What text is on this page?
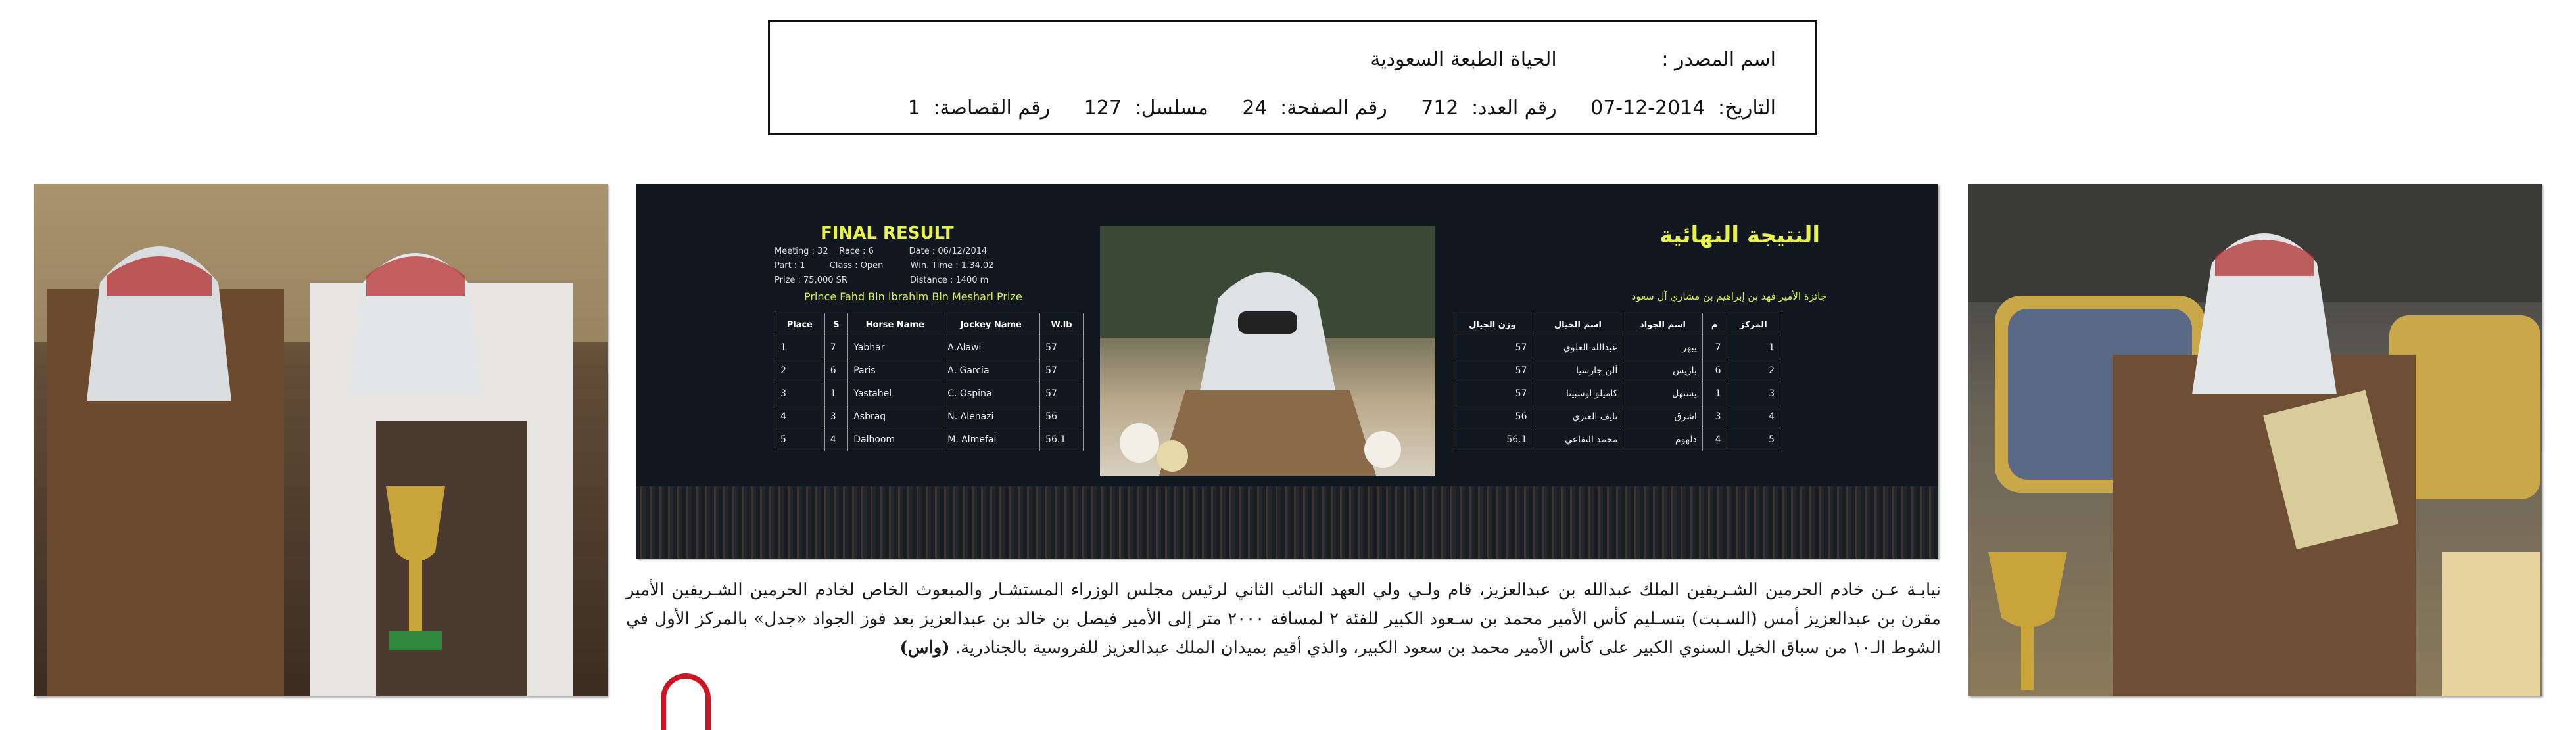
اسم المصدر : الحياة الطبعة السعودية
التاريخ: 07-12-2014 رقم العدد: 712 رقم الصفحة: 24 مسلسل: 127 رقم القصاصة: 1
FINAL RESULT
Meeting : 32    Race : 6             Date : 06/12/2014
Part : 1         Class : Open          Win. Time : 1.34.02
Prize : 75,000 SR                       Distance : 1400 m
Prince Fahd Bin Ibrahim Bin Meshari Prize
Place	S	Horse Name	Jockey Name	W.lb
1	7	Yabhar	A.Alawi	57
2	6	Paris	A. Garcia	57
3	1	Yastahel	C. Ospina	57
4	3	Asbraq	N. Alenazi	56
5	4	Dalhoom	M. Almefai	56.1
النتيجة النهائية
جائزة الأمير فهد بن إبراهيم بن مشاري آل سعود
المركز	م	اسم الجواد	اسم الخيال	وزن الخيال
1	7	يبهر	عبدالله العلوي	57
2	6	باريس	آلن جارسيا	57
3	1	يستهل	كاميلو اوسبينا	57
4	3	اشرق	نايف العنزي	56
5	4	دلهوم	محمد النفاعي	56.1
نيابـة عـن خادم الحرمين الشـريفين الملك عبدالله بن عبدالعزيز، قام ولـي ولي العهد النائب الثاني لرئيس مجلس الوزراء المستشـار والمبعوث الخاص لخادم الحرمين الشـريفين الأمير مقرن بن عبدالعزيز أمس (السـبت) بتسـليم كأس الأمير محمد بن سـعود الكبير للفئة ٢ لمسافة ٢٠٠٠ متر إلى الأمير فيصل بن خالد بن عبدالعزيز بعد فوز الجواد «جدل» بالمركز الأول في الشوط الـ١٠ من سباق الخيل السنوي الكبير على كأس الأمير محمد بن سعود الكبير، والذي أقيم بميدان الملك عبدالعزيز للفروسية بالجنادرية. (واس)
